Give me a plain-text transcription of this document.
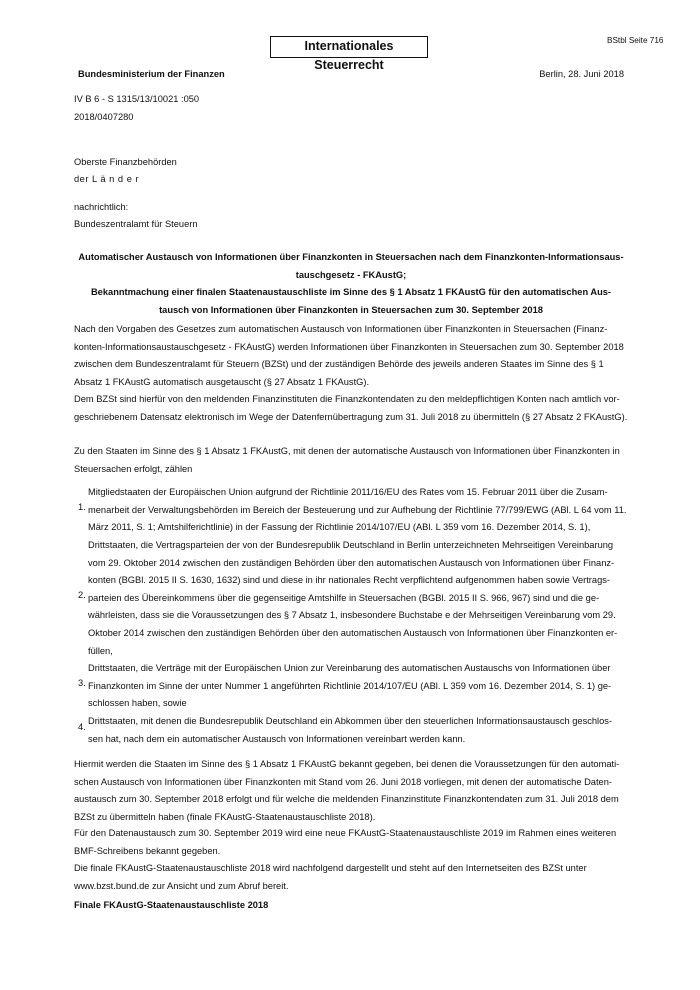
Internationales Steuerrecht
BStbl Seite 716
Bundesministerium der Finanzen	Berlin, 28. Juni 2018
IV B 6 - S 1315/13/10021 :050
2018/0407280
Oberste Finanzbehörden
der L ä n d e r
nachrichtlich:
Bundeszentralamt für Steuern
Automatischer Austausch von Informationen über Finanzkonten in Steuersachen nach dem Finanzkonten-Informationsaus-
tauschgesetz - FKAustG;
Bekanntmachung einer finalen Staatenaustauschliste im Sinne des § 1 Absatz 1 FKAustG für den automatischen Aus-
tausch von Informationen über Finanzkonten in Steuersachen zum 30. September 2018
Nach den Vorgaben des Gesetzes zum automatischen Austausch von Informationen über Finanzkonten in Steuersachen (Finanz- konten-Informationsaustauschgesetz - FKAustG) werden Informationen über Finanzkonten in Steuersachen zum 30. September 2018 zwischen dem Bundeszentralamt für Steuern (BZSt) und der zuständigen Behörde des jeweils anderen Staates im Sinne des § 1 Absatz 1 FKAustG automatisch ausgetauscht (§ 27 Absatz 1 FKAustG).
Dem BZSt sind hierfür von den meldenden Finanzinstituten die Finanzkontendaten zu den meldepflichtigen Konten nach amtlich vor- geschriebenem Datensatz elektronisch im Wege der Datenfernübertragung zum 31. Juli 2018 zu übermitteln (§ 27 Absatz 2 FKAustG).
Zu den Staaten im Sinne des § 1 Absatz 1 FKAustG, mit denen der automatische Austausch von Informationen über Finanzkonten in Steuersachen erfolgt, zählen
1.
Mitgliedstaaten der Europäischen Union aufgrund der Richtlinie 2011/16/EU des Rates vom 15. Februar 2011 über die Zusam- menarbeit der Verwaltungsbehörden im Bereich der Besteuerung und zur Aufhebung der Richtlinie 77/799/EWG (ABl. L 64 vom 11. März 2011, S. 1; Amtshilferichtlinie) in der Fassung der Richtlinie 2014/107/EU (ABl. L 359 vom 16. Dezember 2014, S. 1),
2.
Drittstaaten, die Vertragsparteien der von der Bundesrepublik Deutschland in Berlin unterzeichneten Mehrseitigen Vereinbarung vom 29. Oktober 2014 zwischen den zuständigen Behörden über den automatischen Austausch von Informationen über Finanz- konten (BGBl. 2015 II S. 1630, 1632) sind und diese in ihr nationales Recht verpflichtend aufgenommen haben sowie Vertrags- parteien des Übereinkommens über die gegenseitige Amtshilfe in Steuersachen (BGBl. 2015 II S. 966, 967) sind und die ge- währleisten, dass sie die Voraussetzungen des § 7 Absatz 1, insbesondere Buchstabe e der Mehrseitigen Vereinbarung vom 29. Oktober 2014 zwischen den zuständigen Behörden über den automatischen Austausch von Informationen über Finanzkonten er- füllen,
3.
Drittstaaten, die Verträge mit der Europäischen Union zur Vereinbarung des automatischen Austauschs von Informationen über Finanzkonten im Sinne der unter Nummer 1 angeführten Richtlinie 2014/107/EU (ABl. L 359 vom 16. Dezember 2014, S. 1) ge- schlossen haben, sowie
4.
Drittstaaten, mit denen die Bundesrepublik Deutschland ein Abkommen über den steuerlichen Informationsaustausch geschlos- sen hat, nach dem ein automatischer Austausch von Informationen vereinbart werden kann.
Hiermit werden die Staaten im Sinne des § 1 Absatz 1 FKAustG bekannt gegeben, bei denen die Voraussetzungen für den automati- schen Austausch von Informationen über Finanzkonten mit Stand vom 26. Juni 2018 vorliegen, mit denen der automatische Daten- austausch zum 30. September 2018 erfolgt und für welche die meldenden Finanzinstitute Finanzkontendaten zum 31. Juli 2018 dem BZSt zu übermitteln haben (finale FKAustG-Staatenaustauschliste 2018).
Für den Datenaustausch zum 30. September 2019 wird eine neue FKAustG-Staatenaustauschliste 2019 im Rahmen eines weiteren BMF-Schreibens bekannt gegeben.
Die finale FKAustG-Staatenaustauschliste 2018 wird nachfolgend dargestellt und steht auf den Internetseiten des BZSt unter www.bzst.bund.de zur Ansicht und zum Abruf bereit.
Finale FKAustG-Staatenaustauschliste 2018
